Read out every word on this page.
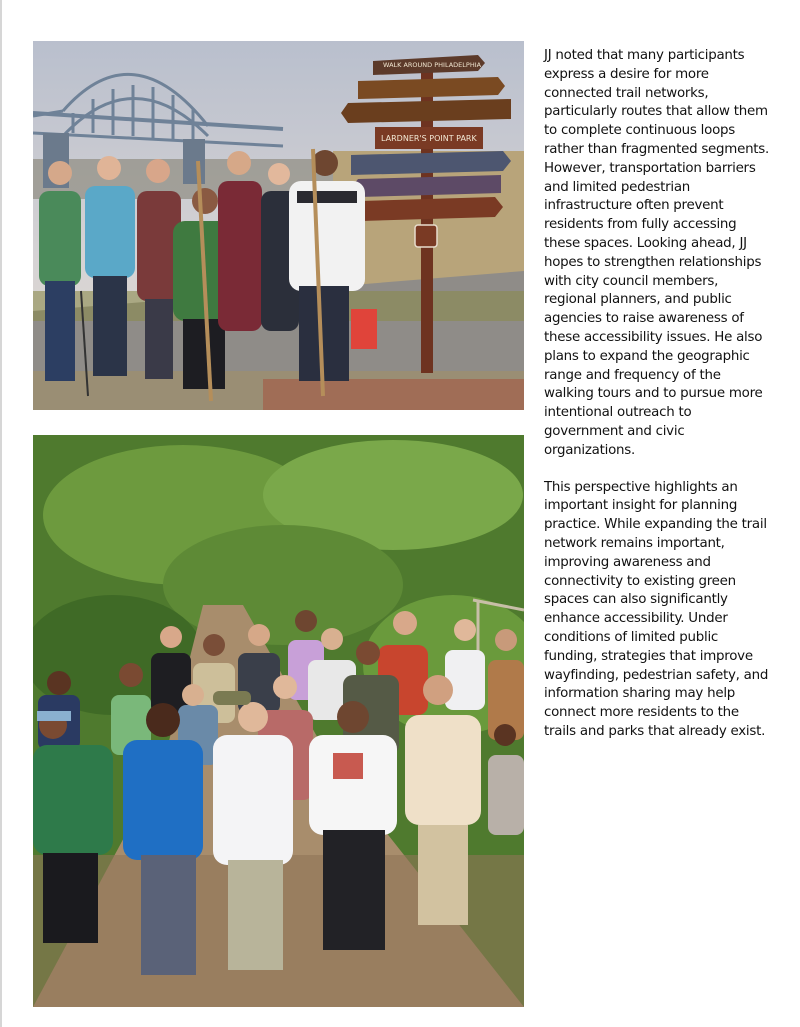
WALK AROUND PHILADELPHIA
LARDNER'S POINT PARK

JJ noted that many participants express a desire for more connected trail networks, particularly routes that allow them to complete continuous loops rather than fragmented segments. However, transportation barriers and limited pedestrian infrastructure often prevent residents from fully accessing these spaces. Looking ahead, JJ hopes to strengthen relationships with city council members, regional planners, and public agencies to raise awareness of these accessibility issues. He also plans to expand the geographic range and frequency of the walking tours and to pursue more intentional outreach to government and civic organizations.

This perspective highlights an important insight for planning practice. While expanding the trail network remains important, improving awareness and connectivity to existing green spaces can also significantly enhance accessibility. Under conditions of limited public funding, strategies that improve wayfinding, pedestrian safety, and information sharing may help connect more residents to the trails and parks that already exist.
